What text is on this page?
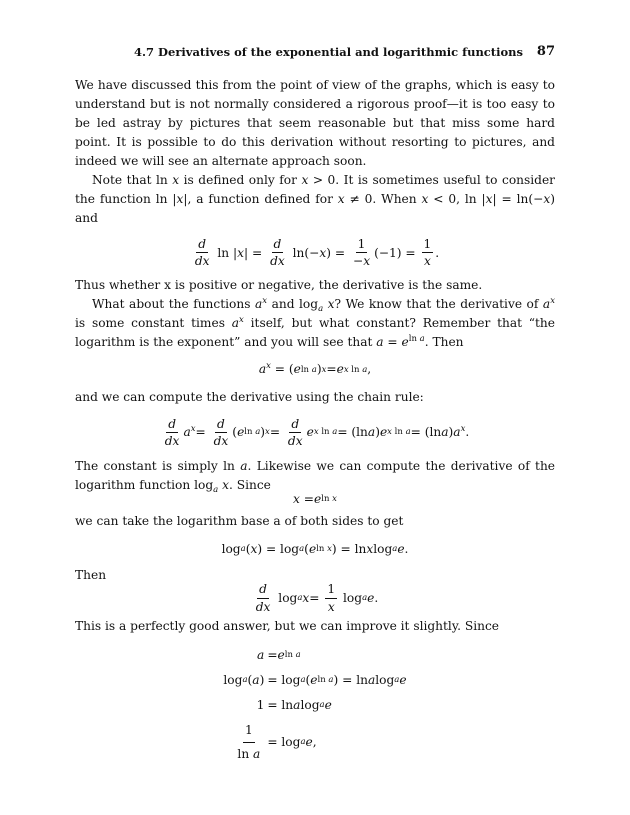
4.7 Derivatives of the exponential and logarithmic functions 87

We have discussed this from the point of view of the graphs, which is easy to understand but is not normally considered a rigorous proof—it is too easy to be led astray by pictures that seem reasonable but that miss some hard point. It is possible to do this derivation without resorting to pictures, and indeed we will see an alternate approach soon.

Note that ln x is defined only for x > 0. It is sometimes useful to consider the function ln |x|, a function defined for x ≠ 0. When x < 0, ln |x| = ln(−x) and

$\frac{d}{dx}$ ln | x | = $\frac{d}{dx} \ln(- x$ ) = $\frac{1}{-x} (-1) = \frac{1}{x}$ .

Thus whether x is positive or negative, the derivative is the same.

What about the functions $a^x$ and $\log_a x$? We know that the derivative of $a^x$ is some constant times $a^x$ itself, but what constant? Remember that “the logarithm is the exponent” and you will see that $a = e^{ln a}$. Then

$a^x$ = ( e ln a ) x = e x ln a ,

and we can compute the derivative using the chain rule:

$\frac{d}{dx} a^x = \frac{d}{dx}$ ( e ln a ) $x = \frac{d}{dx}$ e x ln a = (ln a ) e x ln a = (ln a ) $a^x$ .

The constant is simply ln a. Likewise we can compute the derivative of the logarithm function $\log_a x$. Since

x = e ln x

we can take the logarithm base a of both sides to get

log a ( x ) = log a ( e ln x ) = ln x log a e .

Then

$\frac{d}{dx}$ log a $x = \frac{1}{x}$ log a e .

This is a perfectly good answer, but we can improve it slightly. Since

a = e ln a
log a ( a ) = log a ( e ln a ) = ln a log a e
1 = ln a log a e
$\frac{1}{\text{ln a}} = \log a$ e ,
